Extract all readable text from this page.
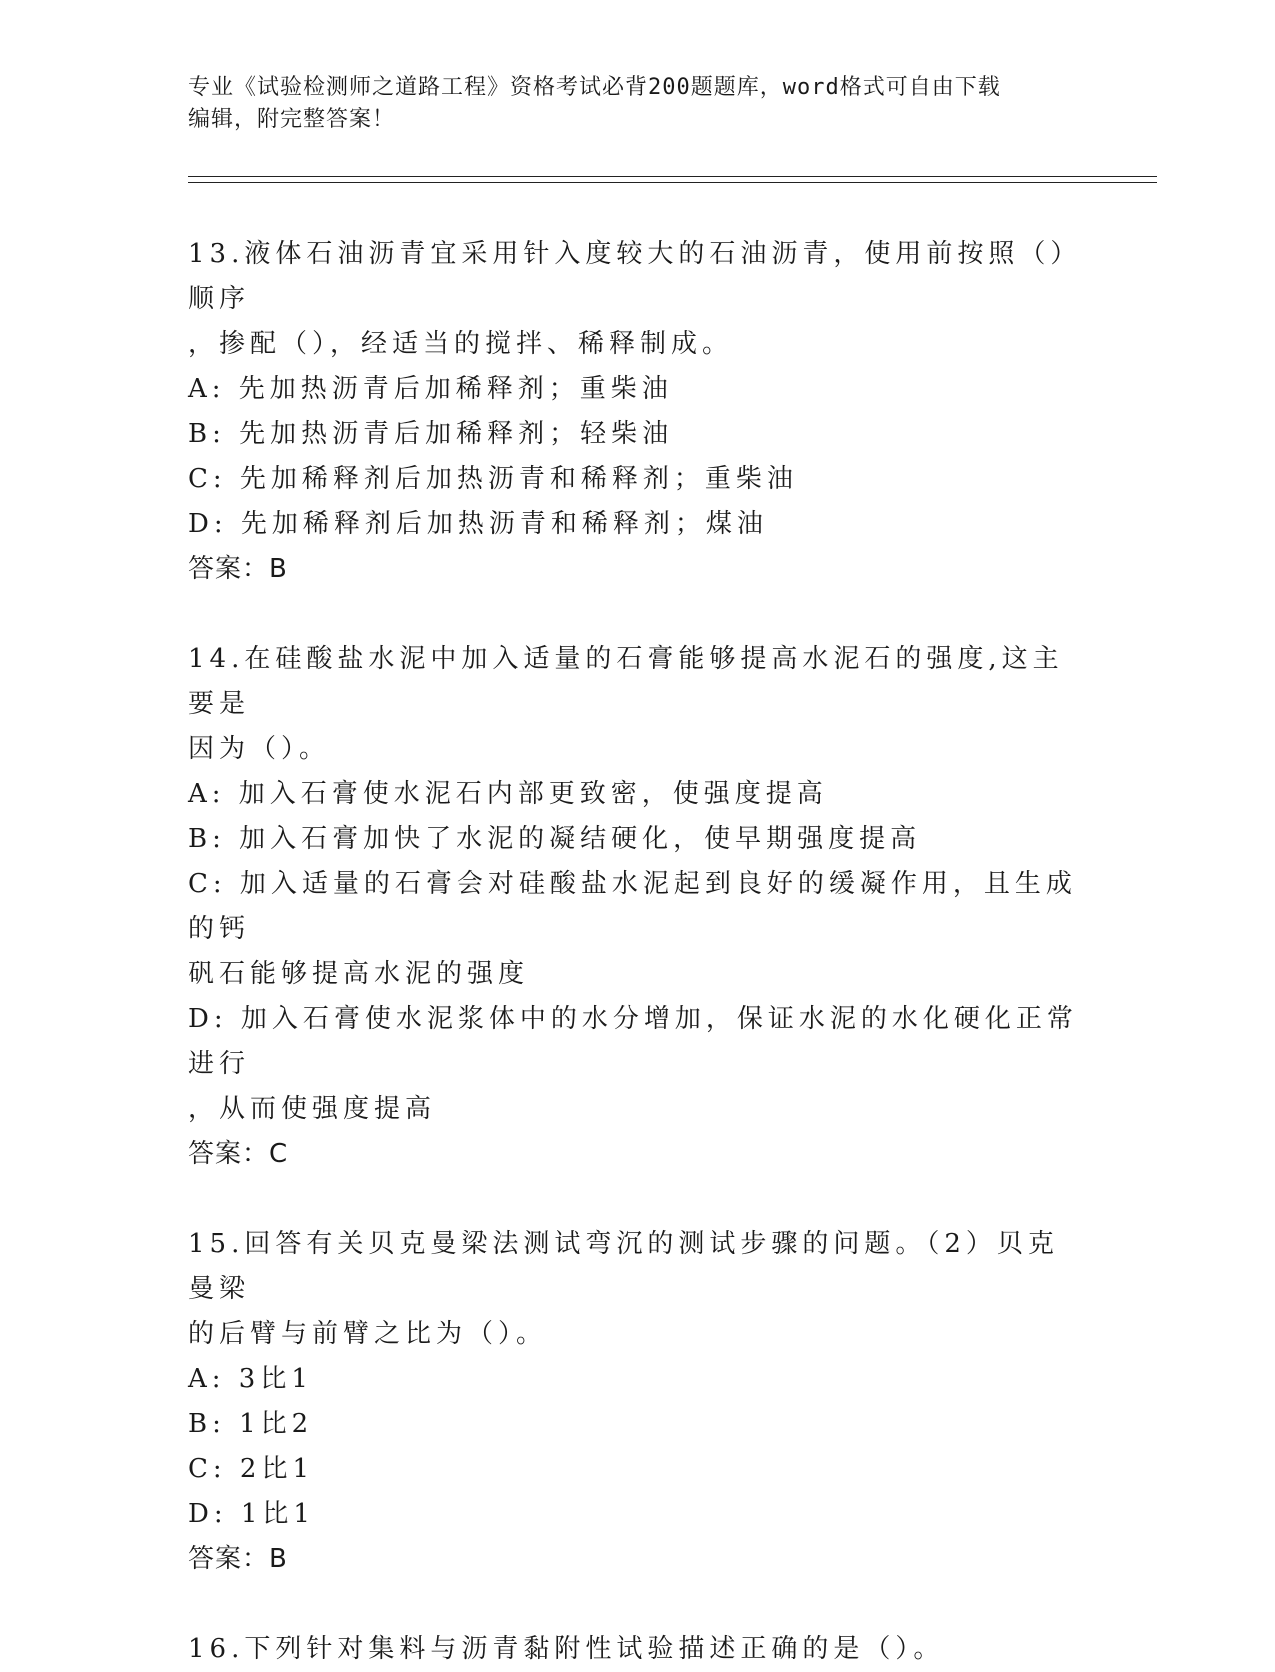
专业《试验检测师之道路工程》资格考试必背200题题库，word格式可自由下载
编辑，附完整答案！

13.液体石油沥青宜采用针入度较大的石油沥青，使用前按照（）顺序

，掺配（），经适当的搅拌、稀释制成。

A: 先加热沥青后加稀释剂；重柴油

B: 先加热沥青后加稀释剂；轻柴油

C: 先加稀释剂后加热沥青和稀释剂；重柴油

D: 先加稀释剂后加热沥青和稀释剂；煤油

答案：B

14.在硅酸盐水泥中加入适量的石膏能够提高水泥石的强度,这主要是

因为（）。

A: 加入石膏使水泥石内部更致密，使强度提高

B: 加入石膏加快了水泥的凝结硬化，使早期强度提高

C: 加入适量的石膏会对硅酸盐水泥起到良好的缓凝作用，且生成的钙

矾石能够提高水泥的强度

D: 加入石膏使水泥浆体中的水分增加，保证水泥的水化硬化正常进行

，从而使强度提高

答案：C

15.回答有关贝克曼梁法测试弯沉的测试步骤的问题。（2）贝克曼梁

的后臂与前臂之比为（）。

A: 3比1

B: 1比2

C: 2比1

D: 1比1

答案：B

16.下列针对集料与沥青黏附性试验描述正确的是（）。
